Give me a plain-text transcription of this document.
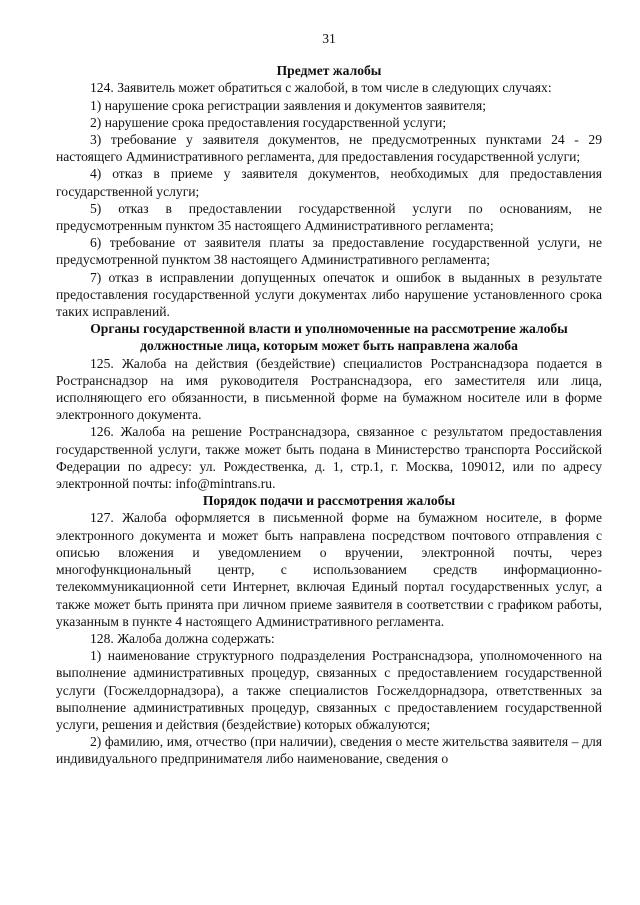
31

Предмет жалобы

124. Заявитель может обратиться с жалобой, в том числе в следующих случаях:

1) нарушение срока регистрации заявления и документов заявителя;

2) нарушение срока предоставления государственной услуги;

3) требование у заявителя документов, не предусмотренных пунктами 24 - 29 настоящего Административного регламента, для предоставления государственной услуги;

4) отказ в приеме у заявителя документов, необходимых для предоставления государственной услуги;

5) отказ в предоставлении государственной услуги по основаниям, не предусмотренным пунктом 35 настоящего Административного регламента;

6) требование от заявителя платы за предоставление государственной услуги, не предусмотренной пунктом 38 настоящего Административного регламента;

7) отказ в исправлении допущенных опечаток и ошибок в выданных в результате предоставления государственной услуги документах либо нарушение установленного срока таких исправлений.

Органы государственной власти и уполномоченные на рассмотрение жалобы должностные лица, которым может быть направлена жалоба

125. Жалоба на действия (бездействие) специалистов Ространснадзора подается в Ространснадзор на имя руководителя Ространснадзора, его заместителя или лица, исполняющего его обязанности, в письменной форме на бумажном носителе или в форме электронного документа.

126. Жалоба на решение Ространснадзора, связанное с результатом предоставления государственной услуги, также может быть подана в Министерство транспорта Российской Федерации по адресу: ул. Рождественка, д. 1, стр.1, г. Москва, 109012, или по адресу электронной почты: info@mintrans.ru.

Порядок подачи и рассмотрения жалобы

127. Жалоба оформляется в письменной форме на бумажном носителе, в форме электронного документа и может быть направлена посредством почтового отправления с описью вложения и уведомлением о вручении, электронной почты, через многофункциональный центр, с использованием средств информационно-телекоммуникационной сети Интернет, включая Единый портал государственных услуг, а также может быть принята при личном приеме заявителя в соответствии с графиком работы, указанным в пункте 4 настоящего Административного регламента.

128. Жалоба должна содержать:

1) наименование структурного подразделения Ространснадзора, уполномоченного на выполнение административных процедур, связанных с предоставлением государственной услуги (Госжелдорнадзора), а также специалистов Госжелдорнадзора, ответственных за выполнение административных процедур, связанных с предоставлением государственной услуги, решения и действия (бездействие) которых обжалуются;

2) фамилию, имя, отчество (при наличии), сведения о месте жительства заявителя – для индивидуального предпринимателя либо наименование, сведения о
